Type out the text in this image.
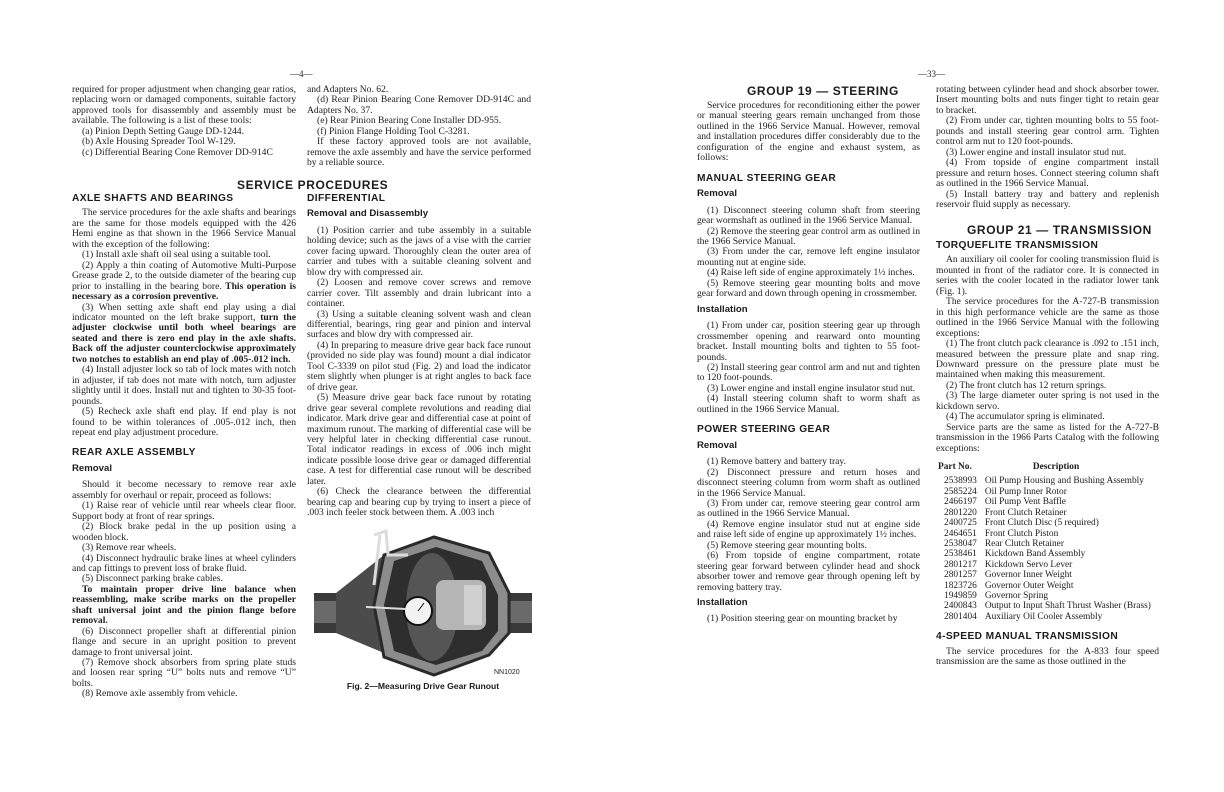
—4—

required for proper adjustment when changing gear ratios, replacing worn or damaged components, suitable factory approved tools for disassembly and assembly must be available. The following is a list of these tools:

(a) Pinion Depth Setting Gauge DD-1244.

(b) Axle Housing Spreader Tool W-129.

(c) Differential Bearing Cone Remover DD-914C

and Adapters No. 62.

(d) Rear Pinion Bearing Cone Remover DD-914C and Adapters No. 37.

(e) Rear Pinion Bearing Cone Installer DD-955.

(f) Pinion Flange Holding Tool C-3281.

If these factory approved tools are not available, remove the axle assembly and have the service performed by a reliable source.

SERVICE PROCEDURES
AXLE SHAFTS AND BEARINGS

The service procedures for the axle shafts and bearings are the same for those models equipped with the 426 Hemi engine as that shown in the 1966 Service Manual with the exception of the following:

(1) Install axle shaft oil seal using a suitable tool.

(2) Apply a thin coating of Automotive Multi-Purpose Grease grade 2, to the outside diameter of the bearing cup prior to installing in the bearing bore. This operation is necessary as a corrosion preventive.

(3) When setting axle shaft end play using a dial indicator mounted on the left brake support, turn the adjuster clockwise until both wheel bearings are seated and there is zero end play in the axle shafts. Back off the adjuster counterclockwise approximately two notches to establish an end play of .005-.012 inch.

(4) Install adjuster lock so tab of lock mates with notch in adjuster, if tab does not mate with notch, turn adjuster slightly until it does. Install nut and tighten to 30-35 foot-pounds.

(5) Recheck axle shaft end play. If end play is not found to be within tolerances of .005-.012 inch, then repeat end play adjustment procedure.

REAR AXLE ASSEMBLY
Removal

Should it become necessary to remove rear axle assembly for overhaul or repair, proceed as follows:

(1) Raise rear of vehicle until rear wheels clear floor. Support body at front of rear springs.

(2) Block brake pedal in the up position using a wooden block.

(3) Remove rear wheels.

(4) Disconnect hydraulic brake lines at wheel cylinders and cap fittings to prevent loss of brake fluid.

(5) Disconnect parking brake cables.

To maintain proper drive line balance when reassembling, make scribe marks on the propeller shaft universal joint and the pinion flange before removal.

(6) Disconnect propeller shaft at differential pinion flange and secure in an upright position to prevent damage to front universal joint.

(7) Remove shock absorbers from spring plate studs and loosen rear spring “U” bolts nuts and remove “U” bolts.

(8) Remove axle assembly from vehicle.

DIFFERENTIAL
Removal and Disassembly

(1) Position carrier and tube assembly in a suitable holding device; such as the jaws of a vise with the carrier cover facing upward. Thoroughly clean the outer area of carrier and tubes with a suitable cleaning solvent and blow dry with compressed air.

(2) Loosen and remove cover screws and remove carrier cover. Tilt assembly and drain lubricant into a container.

(3) Using a suitable cleaning solvent wash and clean differential, bearings, ring gear and pinion and interval surfaces and blow dry with compressed air.

(4) In preparing to measure drive gear back face runout (provided no side play was found) mount a dial indicator Tool C-3339 on pilot stud (Fig. 2) and load the indicator stem slightly when plunger is at right angles to back face of drive gear.

(5) Measure drive gear back face runout by rotating drive gear several complete revolutions and reading dial indicator. Mark drive gear and differential case at point of maximum runout. The marking of differential case will be very helpful later in checking differential case runout. Total indicator readings in excess of .006 inch might indicate possible loose drive gear or damaged differential case. A test for differential case runout will be described later.

(6) Check the clearance between the differential bearing cap and bearing cup by trying to insert a piece of .003 inch feeler stock between them. A .003 inch

NN1020
Fig. 2—Measuring Drive Gear Runout
—33—
GROUP 19 — STEERING

Service procedures for reconditioning either the power or manual steering gears remain unchanged from those outlined in the 1966 Service Manual. However, removal and installation procedures differ considerably due to the configuration of the engine and exhaust system, as follows:

MANUAL STEERING GEAR
Removal

(1) Disconnect steering column shaft from steering gear wormshaft as outlined in the 1966 Service Manual.

(2) Remove the steering gear control arm as outlined in the 1966 Service Manual.

(3) From under the car, remove left engine insulator mounting nut at engine side.

(4) Raise left side of engine approximately 1½ inches.

(5) Remove steering gear mounting bolts and move gear forward and down through opening in crossmember.

Installation

(1) From under car, position steering gear up through crossmember opening and rearward onto mounting bracket. Install mounting bolts and tighten to 55 foot-pounds.

(2) Install steering gear control arm and nut and tighten to 120 foot-pounds.

(3) Lower engine and install engine insulator stud nut.

(4) Install steering column shaft to worm shaft as outlined in the 1966 Service Manual.

POWER STEERING GEAR
Removal

(1) Remove battery and battery tray.

(2) Disconnect pressure and return hoses and disconnect steering column from worm shaft as outlined in the 1966 Service Manual.

(3) From under car, remove steering gear control arm as outlined in the 1966 Service Manual.

(4) Remove engine insulator stud nut at engine side and raise left side of engine up approximately 1½ inches.

(5) Remove steering gear mounting bolts.

(6) From topside of engine compartment, rotate steering gear forward between cylinder head and shock absorber tower and remove gear through opening left by removing battery tray.

Installation

(1) Position steering gear on mounting bracket by

rotating between cylinder head and shock absorber tower. Insert mounting bolts and nuts finger tight to retain gear to bracket.

(2) From under car, tighten mounting bolts to 55 foot-pounds and install steering gear control arm. Tighten control arm nut to 120 foot-pounds.

(3) Lower engine and install insulator stud nut.

(4) From topside of engine compartment install pressure and return hoses. Connect steering column shaft as outlined in the 1966 Service Manual.

(5) Install battery tray and battery and replenish reservoir fluid supply as necessary.

GROUP 21 — TRANSMISSION
TORQUEFLITE TRANSMISSION

An auxiliary oil cooler for cooling transmission fluid is mounted in front of the radiator core. It is connected in series with the cooler located in the radiator lower tank (Fig. 1).

The service procedures for the A-727-B transmission in this high performance vehicle are the same as those outlined in the 1966 Service Manual with the following exceptions:

(1) The front clutch pack clearance is .092 to .151 inch, measured between the pressure plate and snap ring. Downward pressure on the pressure plate must be maintained when making this measurement.

(2) The front clutch has 12 return springs.

(3) The large diameter outer spring is not used in the kickdown servo.

(4) The accumulator spring is eliminated.

Service parts are the same as listed for the A-727-B transmission in the 1966 Parts Catalog with the following exceptions:

Part No.	Description
2538993	Oil Pump Housing and Bushing Assembly
2585224	Oil Pump Inner Rotor
2466197	Oil Pump Vent Baffle
2801220	Front Clutch Retainer
2400725	Front Clutch Disc (5 required)
2464651	Front Clutch Piston
2538047	Rear Clutch Retainer
2538461	Kickdown Band Assembly
2801217	Kickdown Servo Lever
2801257	Governor Inner Weight
1823726	Governor Outer Weight
1949859	Governor Spring
2400843	Output to Input Shaft Thrust Washer (Brass)
2801404	Auxiliary Oil Cooler Assembly
4-SPEED MANUAL TRANSMISSION

The service procedures for the A-833 four speed transmission are the same as those outlined in the
